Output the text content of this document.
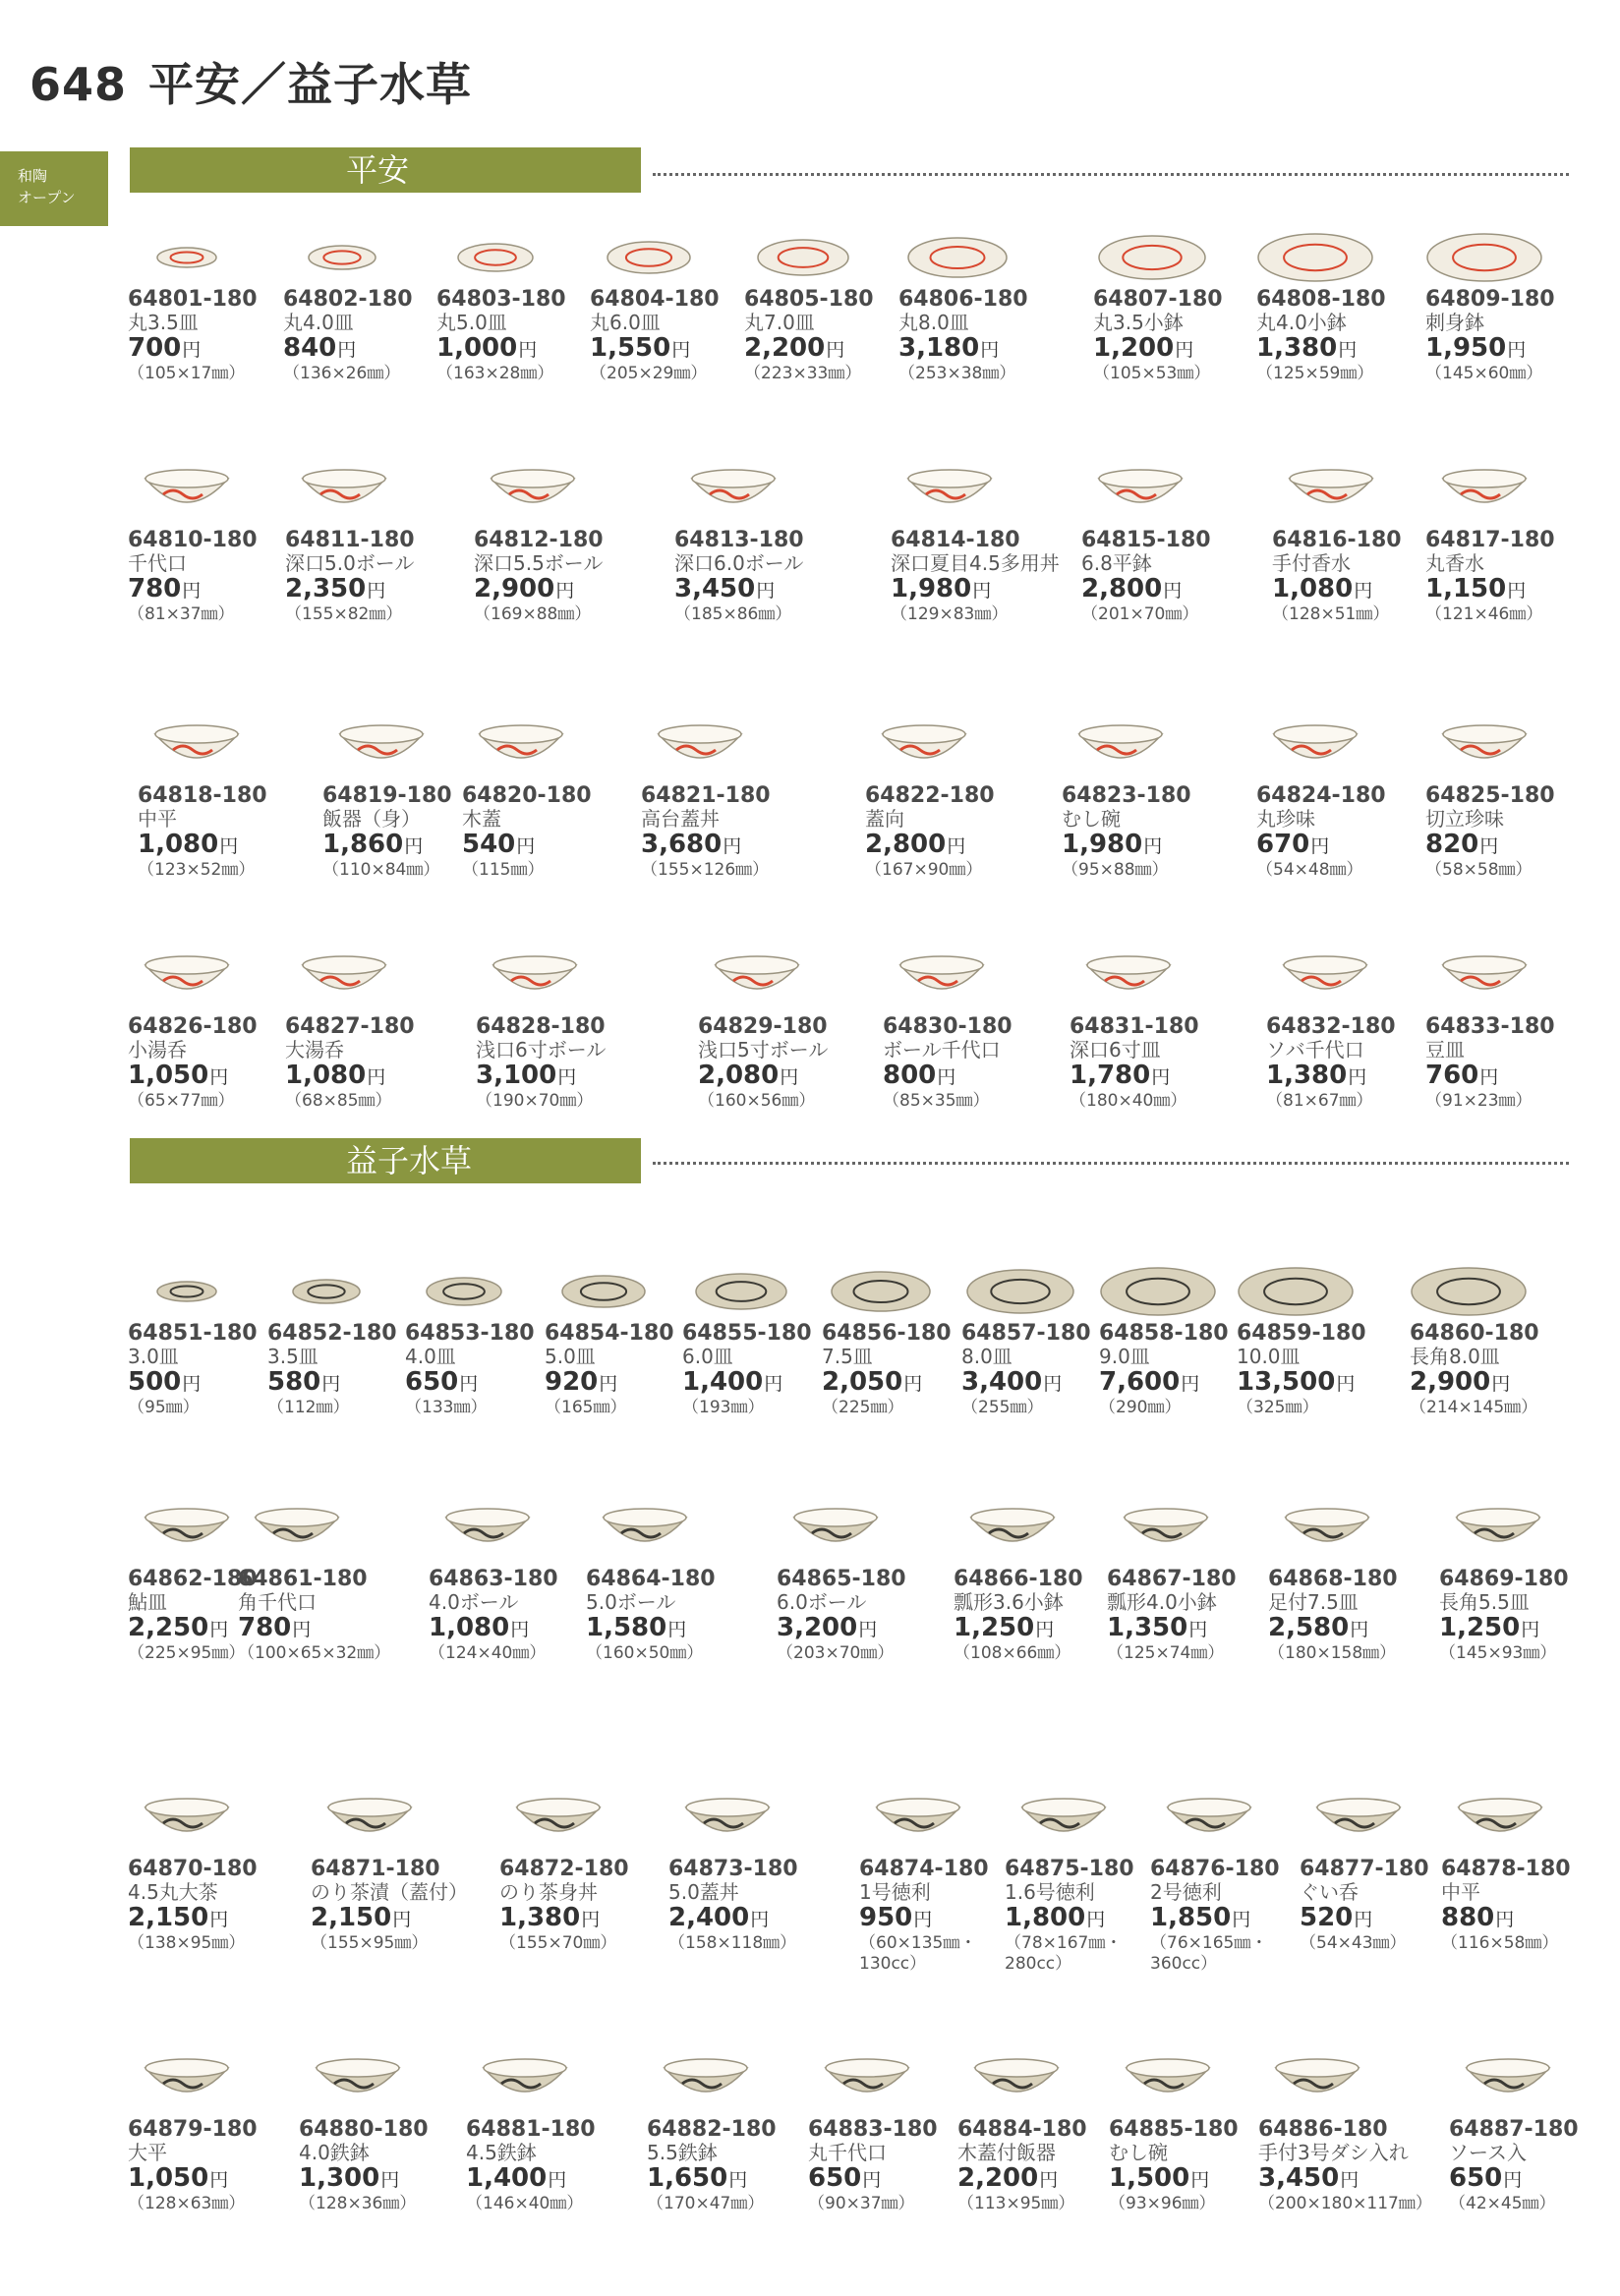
648 平安／益子水草
和陶
オープン
平安
益子水草
64801-180
丸3.5皿
700円
（105×17㎜）
64802-180
丸4.0皿
840円
（136×26㎜）
64803-180
丸5.0皿
1,000円
（163×28㎜）
64804-180
丸6.0皿
1,550円
（205×29㎜）
64805-180
丸7.0皿
2,200円
（223×33㎜）
64806-180
丸8.0皿
3,180円
（253×38㎜）
64807-180
丸3.5小鉢
1,200円
（105×53㎜）
64808-180
丸4.0小鉢
1,380円
（125×59㎜）
64809-180
刺身鉢
1,950円
（145×60㎜）
64810-180
千代口
780円
（81×37㎜）
64811-180
深口5.0ボール
2,350円
（155×82㎜）
64812-180
深口5.5ボール
2,900円
（169×88㎜）
64813-180
深口6.0ボール
3,450円
（185×86㎜）
64814-180
深口夏目4.5多用丼
1,980円
（129×83㎜）
64815-180
6.8平鉢
2,800円
（201×70㎜）
64816-180
手付香水
1,080円
（128×51㎜）
64817-180
丸香水
1,150円
（121×46㎜）
64818-180
中平
1,080円
（123×52㎜）
64819-180
飯器（身）
1,860円
（110×84㎜）
64820-180
木蓋
540円
（115㎜）
64821-180
高台蓋丼
3,680円
（155×126㎜）
64822-180
蓋向
2,800円
（167×90㎜）
64823-180
むし碗
1,980円
（95×88㎜）
64824-180
丸珍味
670円
（54×48㎜）
64825-180
切立珍味
820円
（58×58㎜）
64826-180
小湯呑
1,050円
（65×77㎜）
64827-180
大湯呑
1,080円
（68×85㎜）
64828-180
浅口6寸ボール
3,100円
（190×70㎜）
64829-180
浅口5寸ボール
2,080円
（160×56㎜）
64830-180
ボール千代口
800円
（85×35㎜）
64831-180
深口6寸皿
1,780円
（180×40㎜）
64832-180
ソバ千代口
1,380円
（81×67㎜）
64833-180
豆皿
760円
（91×23㎜）
64851-180
3.0皿
500円
（95㎜）
64852-180
3.5皿
580円
（112㎜）
64853-180
4.0皿
650円
（133㎜）
64854-180
5.0皿
920円
（165㎜）
64855-180
6.0皿
1,400円
（193㎜）
64856-180
7.5皿
2,050円
（225㎜）
64857-180
8.0皿
3,400円
（255㎜）
64858-180
9.0皿
7,600円
（290㎜）
64859-180
10.0皿
13,500円
（325㎜）
64860-180
長角8.0皿
2,900円
（214×145㎜）
64861-180
角千代口
780円
（100×65×32㎜）
64862-180
鮎皿
2,250円
（225×95㎜）
64863-180
4.0ボール
1,080円
（124×40㎜）
64864-180
5.0ボール
1,580円
（160×50㎜）
64865-180
6.0ボール
3,200円
（203×70㎜）
64866-180
瓢形3.6小鉢
1,250円
（108×66㎜）
64867-180
瓢形4.0小鉢
1,350円
（125×74㎜）
64868-180
足付7.5皿
2,580円
（180×158㎜）
64869-180
長角5.5皿
1,250円
（145×93㎜）
64870-180
4.5丸大茶
2,150円
（138×95㎜）
64871-180
のり茶漬（蓋付）
2,150円
（155×95㎜）
64872-180
のり茶身丼
1,380円
（155×70㎜）
64873-180
5.0蓋丼
2,400円
（158×118㎜）
64874-180
1号徳利
950円
（60×135㎜・
130cc）
64875-180
1.6号徳利
1,800円
（78×167㎜・
280cc）
64876-180
2号徳利
1,850円
（76×165㎜・
360cc）
64877-180
ぐい呑
520円
（54×43㎜）
64878-180
中平
880円
（116×58㎜）
64879-180
大平
1,050円
（128×63㎜）
64880-180
4.0鉄鉢
1,300円
（128×36㎜）
64881-180
4.5鉄鉢
1,400円
（146×40㎜）
64882-180
5.5鉄鉢
1,650円
（170×47㎜）
64883-180
丸千代口
650円
（90×37㎜）
64884-180
木蓋付飯器
2,200円
（113×95㎜）
64885-180
むし碗
1,500円
（93×96㎜）
64886-180
手付3号ダシ入れ
3,450円
（200×180×117㎜）
64887-180
ソース入
650円
（42×45㎜）
